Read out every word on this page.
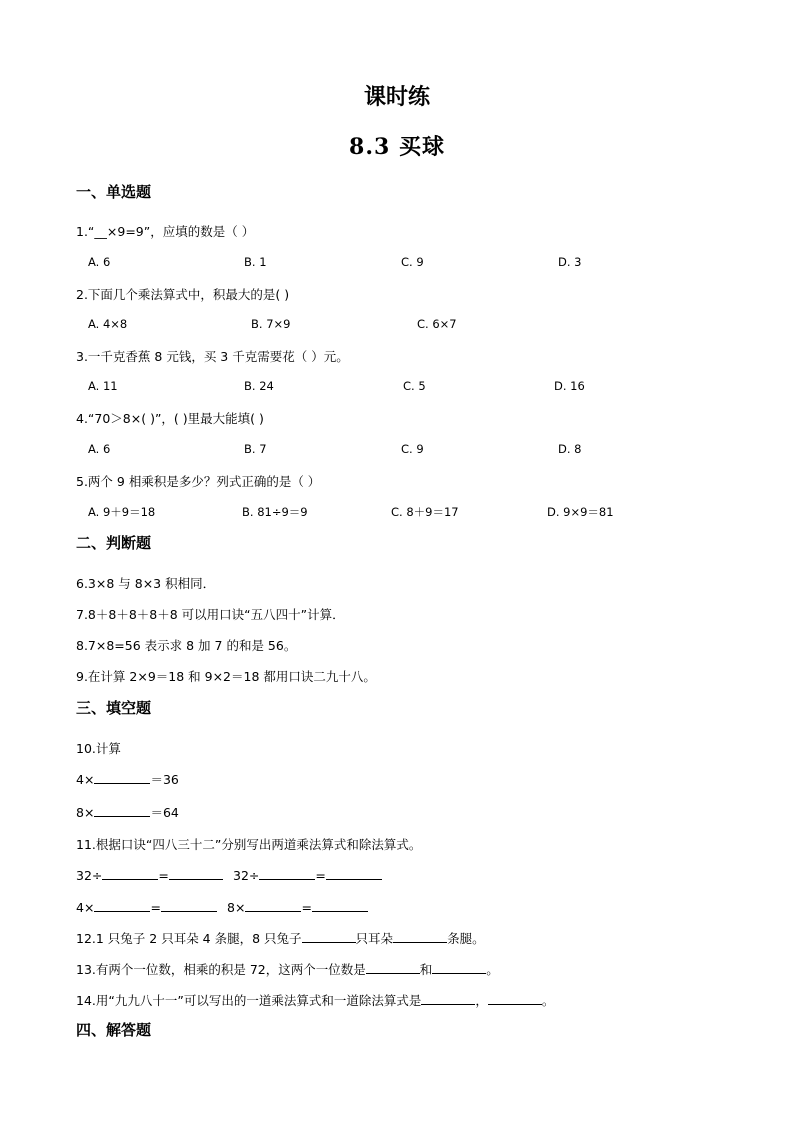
课时练
8.3 买球
一、单选题
1.“__×9=9”，应填的数是（ ）
A. 6	B. 1	C. 9	D. 3
2.下面几个乘法算式中，积最大的是( )
A. 4×8	B. 7×9	C. 6×7
3.一千克香蕉 8 元钱，买 3 千克需要花（ ）元。
A. 11	B. 24	C. 5	D. 16
4.“70＞8×( )”，( )里最大能填( )
A. 6	B. 7	C. 9	D. 8
5.两个 9 相乘积是多少？列式正确的是（ ）
A. 9＋9＝18	B. 81÷9＝9	C. 8＋9＝17	D. 9×9＝81
二、判断题
6.3×8 与 8×3 积相同．
7.8＋8＋8＋8＋8 可以用口诀“五八四十”计算．
8.7×8=56 表示求 8 加 7 的和是 56。
9.在计算 2×9＝18 和 9×2＝18 都用口诀二九十八。
三、填空题
10.计算
4×	＝36
8×	＝64
11.根据口诀“四八三十二”分别写出两道乘法算式和除法算式。
32÷	=	32÷	=
4×	=	8×	=
12.1 只兔子 2 只耳朵 4 条腿，8 只兔子	只耳朵	条腿。
13.有两个一位数，相乘的积是 72，这两个一位数是	和	。
14.用“九九八十一”可以写出的一道乘法算式和一道除法算式是	，	。
四、解答题
